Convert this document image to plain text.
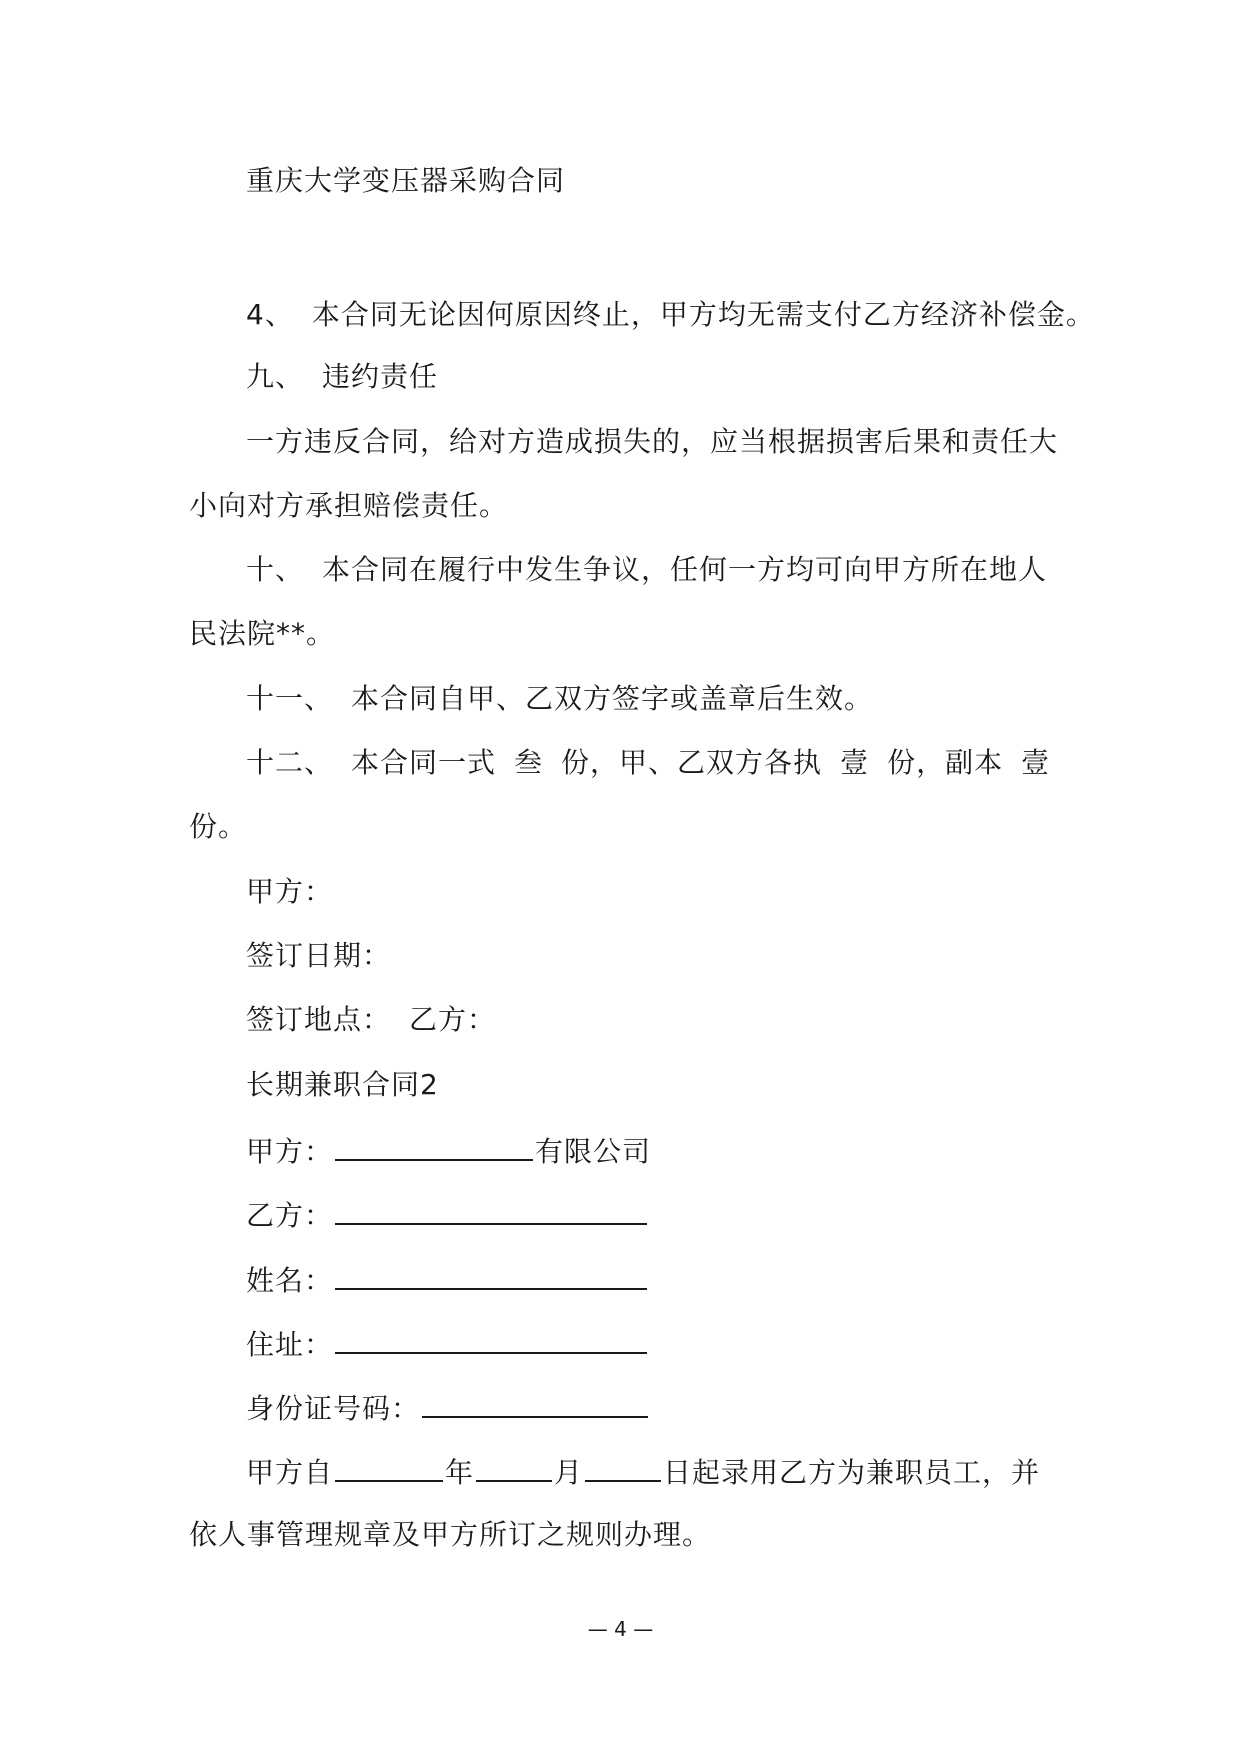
重庆大学变压器采购合同
4、 本合同无论因何原因终止，甲方均无需支付乙方经济补偿金。
九、 违约责任
一方违反合同，给对方造成损失的，应当根据损害后果和责任大
小向对方承担赔偿责任。
十、 本合同在履行中发生争议，任何一方均可向甲方所在地人
民法院**。
十一、 本合同自甲、乙双方签字或盖章后生效。
十二、 本合同一式 叁 份，甲、乙双方各执 壹 份，副本 壹
份。
甲方：
签订日期：
签订地点： 乙方：
长期兼职合同2
甲方：	有限公司
乙方：
姓名：
住址：
身份证号码：
甲方自	年	月	日起录用乙方为兼职员工，并
依人事管理规章及甲方所订之规则办理。
— 4 —
